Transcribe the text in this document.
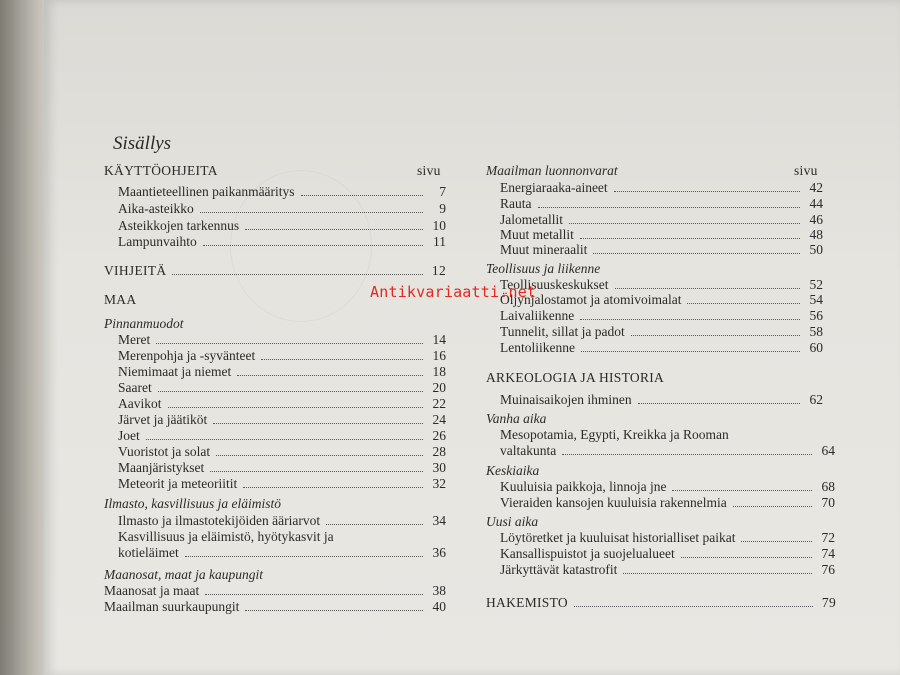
Sisällys
KÄYTTÖOHJEITA	sivu
Maantieteellinen paikanmääritys	7
Aika-asteikko	9
Asteikkojen tarkennus	10
Lampunvaihto	11
VIHJEITÄ	12
MAA
Pinnanmuodot
Meret	14
Merenpohja ja -syvänteet	16
Niemimaat ja niemet	18
Saaret	20
Aavikot	22
Järvet ja jäätiköt	24
Joet	26
Vuoristot ja solat	28
Maanjäristykset	30
Meteorit ja meteoriitit	32
Ilmasto, kasvillisuus ja eläimistö
Ilmasto ja ilmastotekijöiden ääriarvot	34
Kasvillisuus ja eläimistö, hyötykasvit ja
kotieläimet	36
Maanosat, maat ja kaupungit
Maanosat ja maat	38
Maailman suurkaupungit	40
Maailman luonnonvarat	sivu
Energiaraaka-aineet	42
Rauta	44
Jalometallit	46
Muut metallit	48
Muut mineraalit	50
Teollisuus ja liikenne
Teollisuuskeskukset	52
Öljynjalostamot ja atomivoimalat	54
Laivaliikenne	56
Tunnelit, sillat ja padot	58
Lentoliikenne	60
ARKEOLOGIA JA HISTORIA
Muinaisaikojen ihminen	62
Vanha aika
Mesopotamia, Egypti, Kreikka ja Rooman
valtakunta	64
Keskiaika
Kuuluisia paikkoja, linnoja jne	68
Vieraiden kansojen kuuluisia rakennelmia	70
Uusi aika
Löytöretket ja kuuluisat historialliset paikat	72
Kansallispuistot ja suojelualueet	74
Järkyttävät katastrofit	76
HAKEMISTO	79
Antikvariaatti.net
